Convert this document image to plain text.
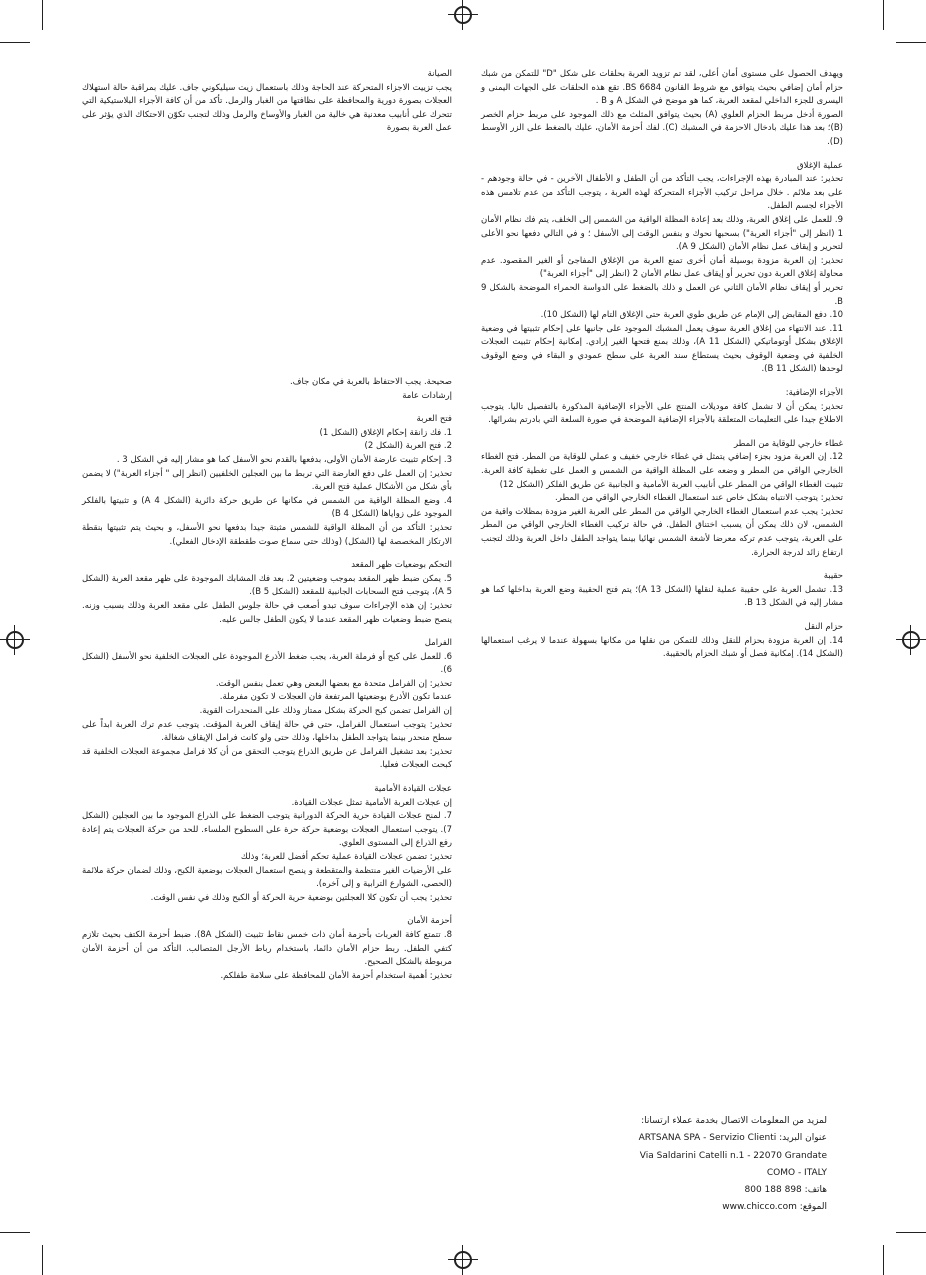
ويهدف الحصول على مستوى أمان أعلى، لقد تم تزويد العربة بحلقات على شكل "D" للتمكن من شبك حزام أمان إضافي بحيث يتوافق مع شروط القانون BS 6684. تقع هذه الحلقات على الجهات اليمنى و اليسرى للجزء الداخلي لمقعد العربة، كما هو موضح في الشكل A و B .

الصورة أدخل مربط الحزام العلوي (A) بحيث يتوافق المثلث مع ذلك الموجود على مربط حزام الخصر (B)؛ بعد هذا عليك بادخال الاحزمة في المشبك (C). لفك أحزمة الأمان، عليك بالضغط على الزر الأوسط (D).

عملية الإغلاق

تحذير: عند المبادرة بهذه الإجراءات، يجب التأكد من أن الطفل و الأطفال الآخرين - في حالة وجودهم - على بعد ملائم . خلال مراحل تركيب الأجزاء المتحركة لهذه العربة ، يتوجب التأكد من عدم تلامس هذه الأجزاء لجسم الطفل.

9. للعمل على إغلاق العربة، وذلك بعد إعادة المظلة الواقية من الشمس إلى الخلف، يتم فك نظام الأمان 1 (انظر إلى "أجزاء العربة") بسحبها نحوك و بنفس الوقت إلى الأسفل ؛ و في التالي دفعها نحو الأعلى لتحرير و إيقاف عمل نظام الأمان (الشكل 9 A).

تحذير: إن العربة مزودة بوسيلة أمان أخرى تمنع العربة من الإغلاق المفاجئ أو الغير المقصود. عدم محاولة إغلاق العربة دون تحرير أو إيقاف عمل نظام الأمان 2 (انظر إلى "أجزاء العربة")

تحرير أو إيقاف نظام الأمان الثاني عن العمل و ذلك بالضغط على الدواسة الحمراء الموضحة بالشكل 9 B.

10. دفع المقابض إلى الإمام عن طريق طوي العربة حتى الإغلاق التام لها (الشكل 10).

11. عند الانتهاء من إغلاق العربة سوف يعمل المشبك الموجود على جانبها على إحكام تثبيتها في وضعية الإغلاق بشكل أوتوماتيكي (الشكل 11 A)، وذلك بمنع فتحها الغير إرادي. إمكانية إحكام تثبيت العجلات الخلفية في وضعية الوقوف بحيث يستطاع سند العربة على سطح عمودي و البقاء في وضع الوقوف لوحدها (الشكل 11 B).

الأجزاء الإضافية:

تحذير: يمكن أن لا تشمل كافة موديلات المنتج على الأجزاء الإضافية المذكورة بالتفصيل تاليا. يتوجب الاطلاع جيدا على التعليمات المتعلقة بالأجزاء الإضافية الموضحة في صورة السلعة التي بادرتم بشرائها.

غطاء خارجي للوقاية من المطر

12. إن العربة مزود بجزء إضافي يتمثل في غطاء خارجي خفيف و عملي للوقاية من المطر. فتح الغطاء الخارجي الواقي من المطر و وضعه على المظلة الواقية من الشمس و العمل على تغطية كافة العربة. تثبيت الغطاء الواقي من المطر على أنابيب العربة الأمامية و الجانبية عن طريق الفلكر (الشكل 12)

تحذير: يتوجب الانتباه بشكل خاص عند استعمال الغطاء الخارجي الواقي من المطر.

تحذير: يجب عدم استعمال الغطاء الخارجي الواقي من المطر على العربة الغير مزودة بمظلات واقية من الشمس، لان ذلك يمكن أن يسبب اختناق الطفل. في حالة تركيب الغطاء الخارجي الواقي من المطر على العربة، يتوجب عدم تركه معرضا لأشعة الشمس نهائيا بينما يتواجد الطفل داخل العربة وذلك لتجنب ارتفاع زائد لدرجة الحرارة.

حقيبة

13. تشمل العربة على حقيبة عملية لنقلها (الشكل 13 A)؛ يتم فتح الحقيبة وضع العربة بداخلها كما هو مشار إليه في الشكل 13 B.

حزام النقل

14. إن العربة مزودة بحزام للنقل وذلك للتمكن من نقلها من مكانها بسهولة عندما لا يرغب استعمالها (الشكل 14). إمكانية فصل أو شبك الحزام بالحقيبة.

الصيانة

يجب تزييت الاجزاء المتحركة عند الحاجة وذلك باستعمال زيت سيليكوني جاف. عليك بمراقبة حالة استهلاك العجلات بصورة دورية والمحافظة على نظافتها من الغبار والرمل. تأكد من أن كافة الأجزاء البلاستيكية التي تتحرك على أنابيب معدنية هي خالية من الغبار والأوساخ والرمل وذلك لتجنب تكوّن الاحتكاك الذي يؤثر على عمل العربة بصورة

صحيحة. يجب الاحتفاظ بالعربة في مكان جاف.

إرشادات عامة

فتح العربة

1. فك زانقة إحكام الإغلاق (الشكل 1)

2. فتح العربة (الشكل 2)

3. إحكام تثبيت عارضة الأمان الأولى، بدفعها بالقدم نحو الأسفل كما هو مشار إليه في الشكل 3 .

تحذير: إن العمل على دفع العارضة التي تربط ما بين العجلين الخلفيين (انظر إلى " أجزاء العربة") لا يضمن بأي شكل من الأشكال عملية فتح العربة.

4. وضع المظلة الواقية من الشمس في مكانها عن طريق حركة دائرية (الشكل 4 A) و تثبيتها بالفلكر الموجود على زواياها (الشكل 4 B)

تحذير: التأكد من أن المظلة الواقية للشمس مثبتة جيدا بدفعها نحو الأسفل، و بحيث يتم تثبيتها بنقطة الارتكاز المخصصة لها (الشكل) (وذلك حتى سماع صوت طقطقة الإدخال الفعلي).

التحكم بوضعيات ظهر المقعد

5. يمكن ضبط ظهر المقعد بموجب وضعيتين 2. بعد فك المشابك الموجودة على ظهر مقعد العربة (الشكل 5 A)، يتوجب فتح السحابات الجانبية للمقعد (الشكل 5 B).

تحذير: إن هذه الإجراءات سوف تبدو أصعب في حالة جلوس الطفل على مقعد العربة وذلك بسبب وزنه. ينصح ضبط وضعيات ظهر المقعد عندما لا يكون الطفل جالس عليه.

الفرامل

6. للعمل على كبح أو فرملة العربة، يجب ضغط الأذرع الموجودة على العجلات الخلفية نحو الأسفل (الشكل 6).

تحذير: إن الفرامل متحدة مع بعضها البعض وهي تعمل بنفس الوقت.

عندما تكون الأذرع بوضعيتها المرتفعة فان العجلات لا تكون مفرملة.

إن الفرامل تضمن كبح الحركة بشكل ممتاز وذلك على المنحدرات القوية.

تحذير: يتوجب استعمال الفرامل، حتى في حالة إيقاف العربة المؤقت. يتوجب عدم ترك العربة ابداً على سطح منحدر بينما يتواجد الطفل بداخلها، وذلك حتى ولو كانت فرامل الإيقاف شغالة.

تحذير: بعد تشغيل الفرامل عن طريق الذراع يتوجب التحقق من أن كلا فرامل مجموعة العجلات الخلفية قد كبحت العجلات فعليا.

عجلات القيادة الأمامية

إن عجلات العربة الأمامية تمثل عجلات القيادة.

7. لمنح عجلات القيادة حرية الحركة الدورانية يتوجب الضغط على الذراع الموجود ما بين العجلين (الشكل 7). يتوجب استعمال العجلات بوضعية حركة حرة على السطوح الملساء. للحد من حركة العجلات يتم إعادة رفع الذراع إلى المستوى العلوي.

تحذير: تضمن عجلات القيادة عملية تحكم أفضل للعربة؛ وذلك

على الأرضيات الغير منتظمة والمتقطعة و ينصح استعمال العجلات بوضعية الكبح، وذلك لضمان حركة ملائمة (الحصى، الشوارع الترابية و إلى آخره).

تحذير: يجب أن تكون كلا العجلتين بوضعية حرية الحركة أو الكبح وذلك في نفس الوقت.

أحزمة الأمان

8. تتمتع كافة العربات بأحزمة أمان ذات خمس نقاط تثبيت (الشكل 8A). ضبط أحزمة الكتف بحيث تلازم كتفي الطفل. ربط حزام الأمان دائما، باستخدام رباط الأرجل المتصالب. التأكد من أن أحزمة الأمان مربوطة بالشكل الصحيح.

تحذير: أهمية استخدام أحزمة الأمان للمحافظة على سلامة طفلكم.

لمزيد من المعلومات الاتصال بخدمة عملاء ارتسانا:
عنوان البريد: ARTSANA SPA - Servizio Clienti
Via Saldarini Catelli n.1 - 22070 Grandate
COMO - ITALY
هاتف: 800 188 898
الموقع: www.chicco.com
